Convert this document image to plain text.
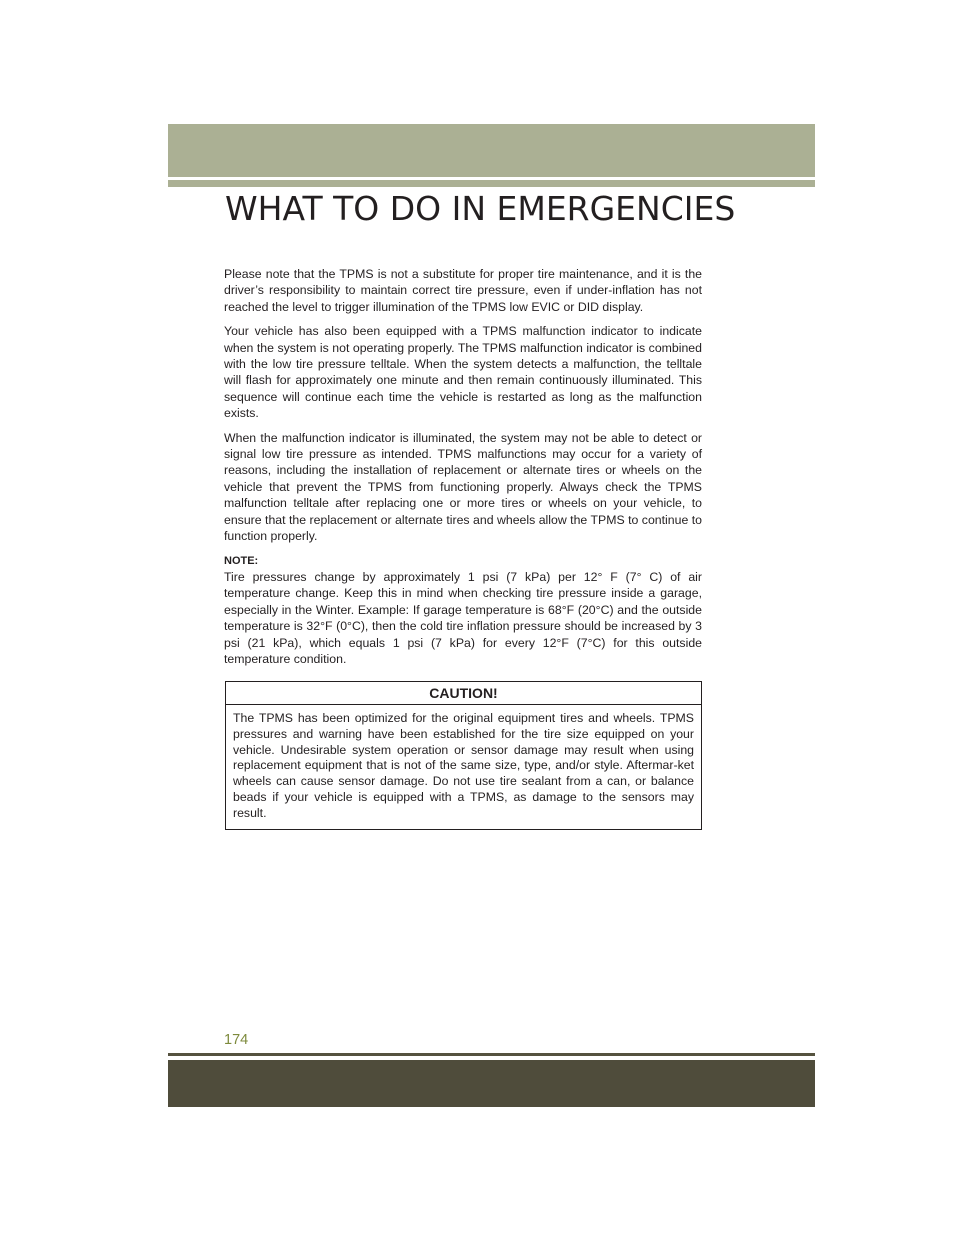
WHAT TO DO IN EMERGENCIES

Please note that the TPMS is not a substitute for proper tire maintenance, and it is the driver’s responsibility to maintain correct tire pressure, even if under-inflation has not reached the level to trigger illumination of the TPMS low EVIC or DID display.

Your vehicle has also been equipped with a TPMS malfunction indicator to indicate when the system is not operating properly. The TPMS malfunction indicator is combined with the low tire pressure telltale. When the system detects a malfunction, the telltale will flash for approximately one minute and then remain continuously illuminated. This sequence will continue each time the vehicle is restarted as long as the malfunction exists.

When the malfunction indicator is illuminated, the system may not be able to detect or signal low tire pressure as intended. TPMS malfunctions may occur for a variety of reasons, including the installation of replacement or alternate tires or wheels on the vehicle that prevent the TPMS from functioning properly. Always check the TPMS malfunction telltale after replacing one or more tires or wheels on your vehicle, to ensure that the replacement or alternate tires and wheels allow the TPMS to continue to function properly.

NOTE:

Tire pressures change by approximately 1 psi (7 kPa) per 12° F (7° C) of air temperature change. Keep this in mind when checking tire pressure inside a garage, especially in the Winter. Example: If garage temperature is 68°F (20°C) and the outside temperature is 32°F (0°C), then the cold tire inflation pressure should be increased by 3 psi (21 kPa), which equals 1 psi (7 kPa) for every 12°F (7°C) for this outside temperature condition.

CAUTION!
The TPMS has been optimized for the original equipment tires and wheels. TPMS pressures and warning have been established for the tire size equipped on your vehicle. Undesirable system operation or sensor damage may result when using replacement equipment that is not of the same size, type, and/or style. Aftermar-ket wheels can cause sensor damage. Do not use tire sealant from a can, or balance beads if your vehicle is equipped with a TPMS, as damage to the sensors may result.
174
